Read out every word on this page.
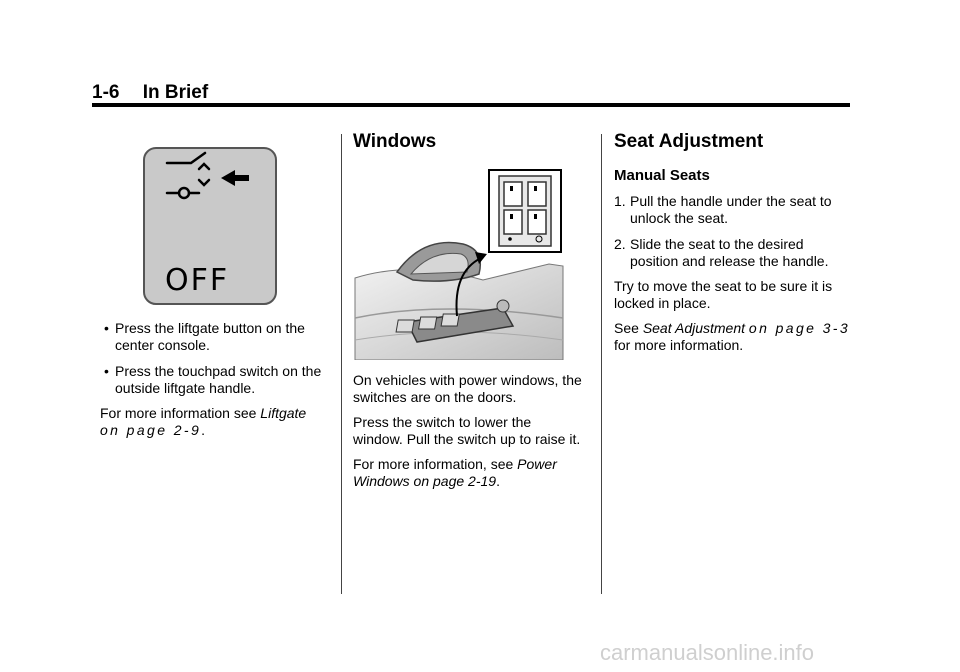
1-6 In Brief
OFF
• Press the liftgate button on the center console.

• Press the touchpad switch on the outside liftgate handle.

For more information see Liftgate
on page 2-9.

Windows

On vehicles with power windows, the switches are on the doors.

Press the switch to lower the window. Pull the switch up to raise it.

For more information, see Power Windows on page 2-19.

Seat Adjustment
Manual Seats
1. Pull the handle under the seat to unlock the seat.

2. Slide the seat to the desired position and release the handle.

Try to move the seat to be sure it is locked in place.

See Seat Adjustment on page 3-3
for more information.

carmanualsonline.info
